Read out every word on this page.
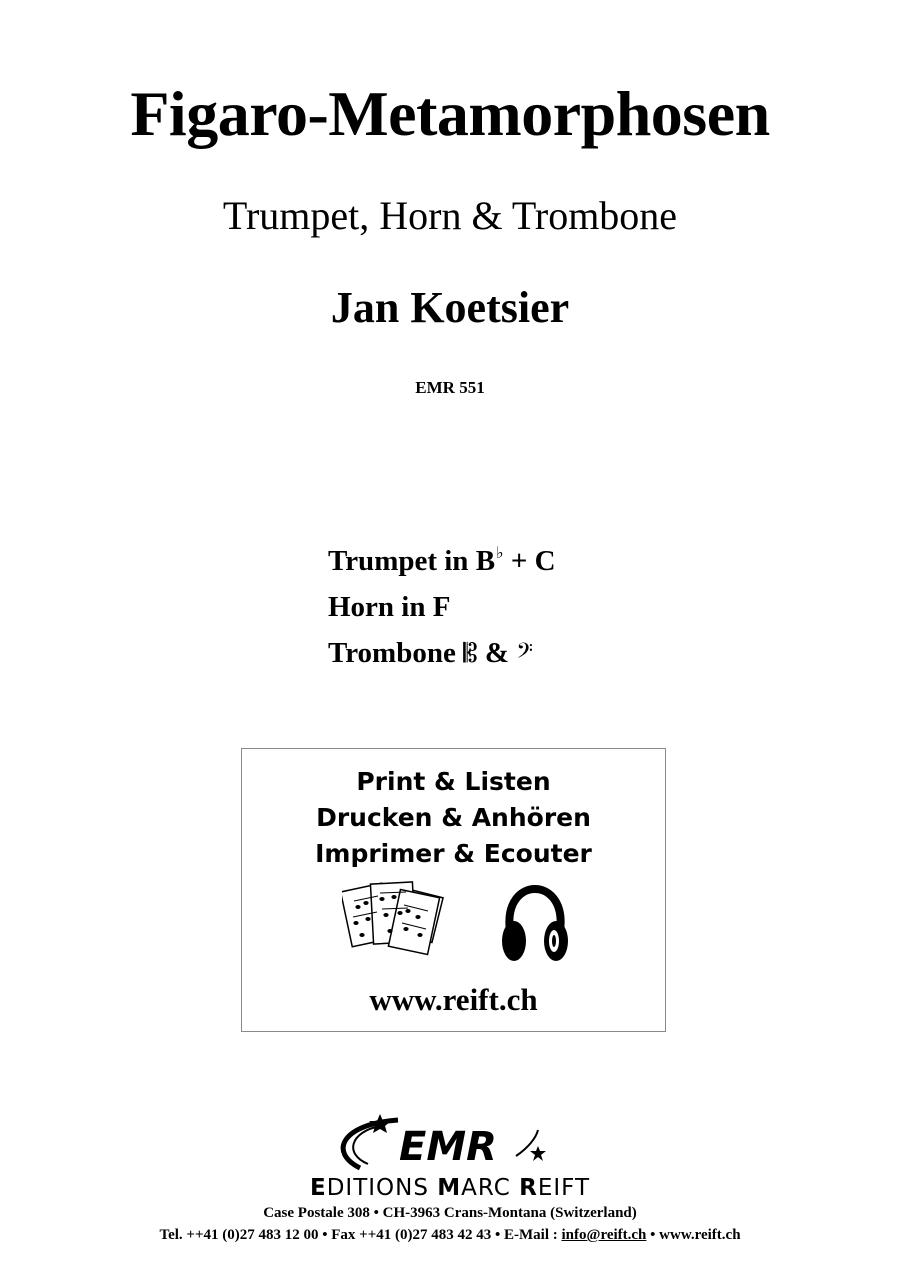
Figaro-Metamorphosen
Trumpet, Horn & Trombone
Jan Koetsier
EMR 551
Trumpet in B♭ + C
Horn in F
Trombone 𝄡 & 𝄢
Print & Listen
Drucken & Anhören
Imprimer & Ecouter
www.reift.ch
EMR
EDITIONS MARC REIFT
Case Postale 308 • CH-3963 Crans-Montana (Switzerland)
Tel. ++41 (0)27 483 12 00 • Fax ++41 (0)27 483 42 43 • E-Mail : info@reift.ch • www.reift.ch
